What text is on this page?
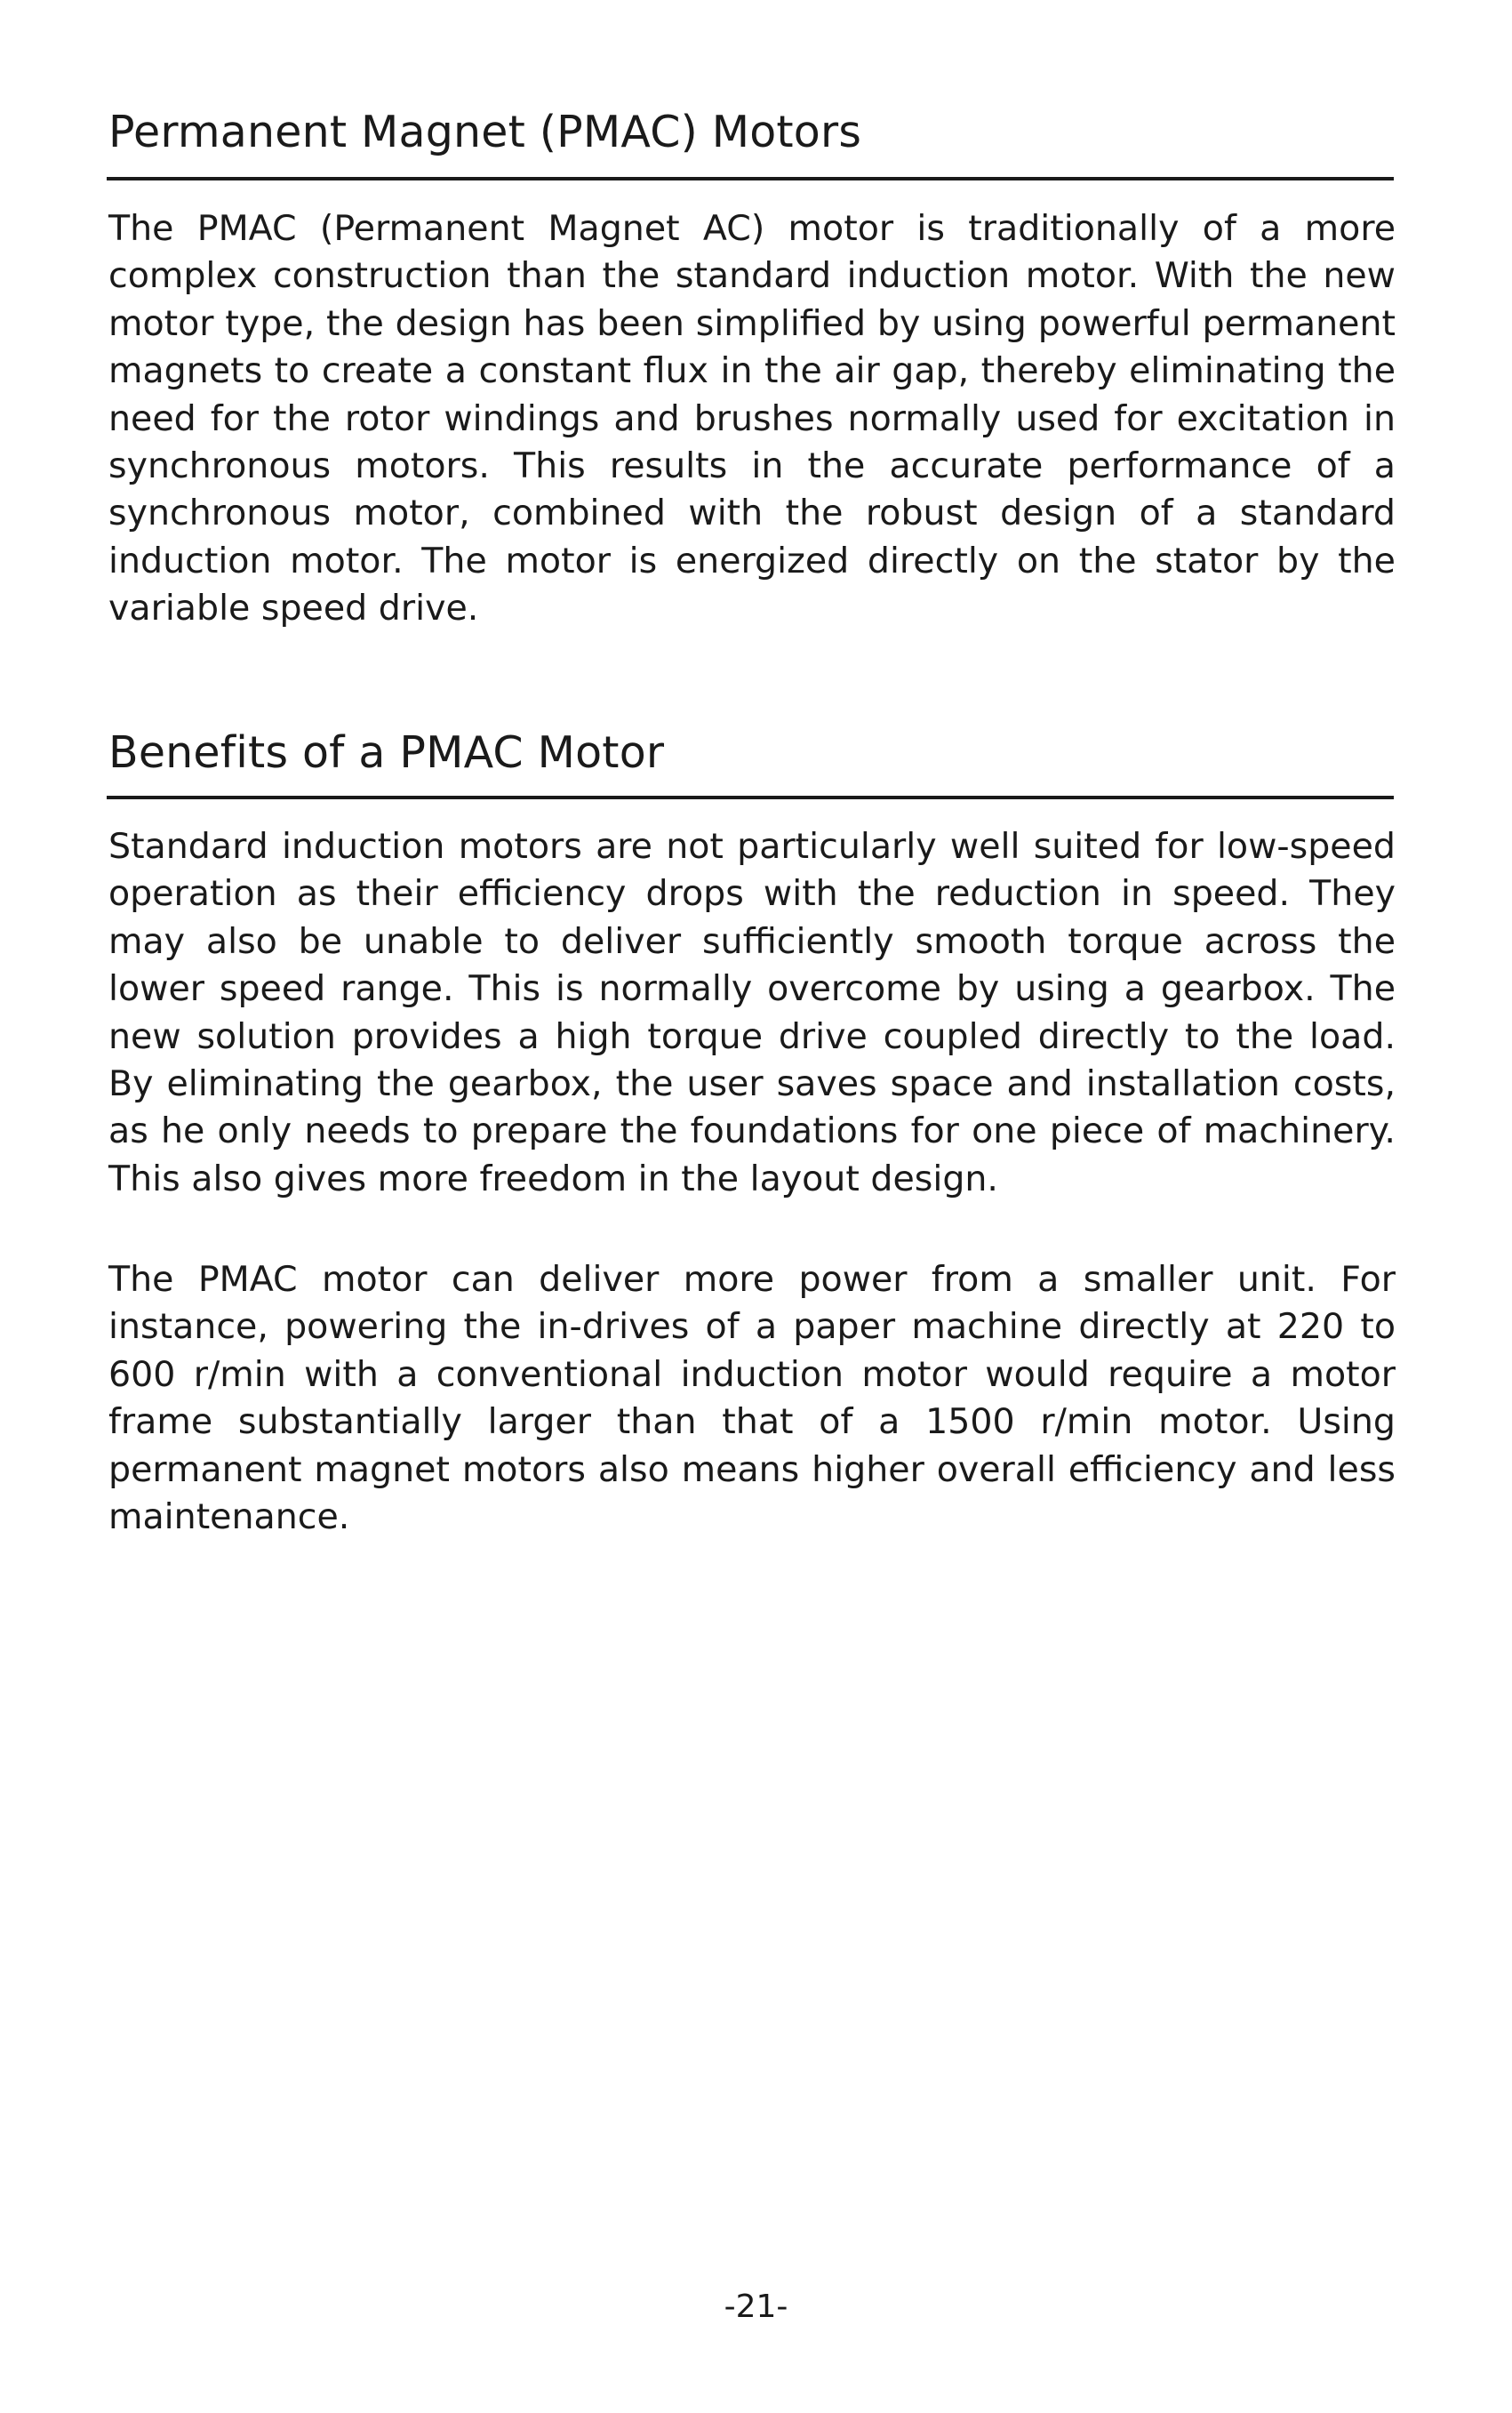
Permanent Magnet (PMAC) Motors

The PMAC (Permanent Magnet AC) motor is traditionally of a more complex construction than the standard induction motor. With the new motor type, the design has been simplified by using powerful permanent magnets to create a constant flux in the air gap, thereby eliminating the need for the rotor windings and brushes normally used for excitation in synchronous motors. This results in the accurate performance of a synchronous motor, combined with the robust design of a standard induction motor. The motor is energized directly on the stator by the variable speed drive.

Benefits of a PMAC Motor

Standard induction motors are not particularly well suited for low-speed operation as their efficiency drops with the reduction in speed. They may also be unable to deliver sufficiently smooth torque across the lower speed range. This is normally overcome by using a gearbox. The new solution provides a high torque drive coupled directly to the load. By eliminating the gearbox, the user saves space and installation costs, as he only needs to prepare the foundations for one piece of machinery. This also gives more freedom in the layout design.

The PMAC motor can deliver more power from a smaller unit. For instance, powering the in-drives of a paper machine directly at 220 to 600 r/min with a conventional induction motor would require a motor frame substantially larger than that of a 1500 r/min motor. Using permanent magnet motors also means higher overall efficiency and less maintenance.

-21-
